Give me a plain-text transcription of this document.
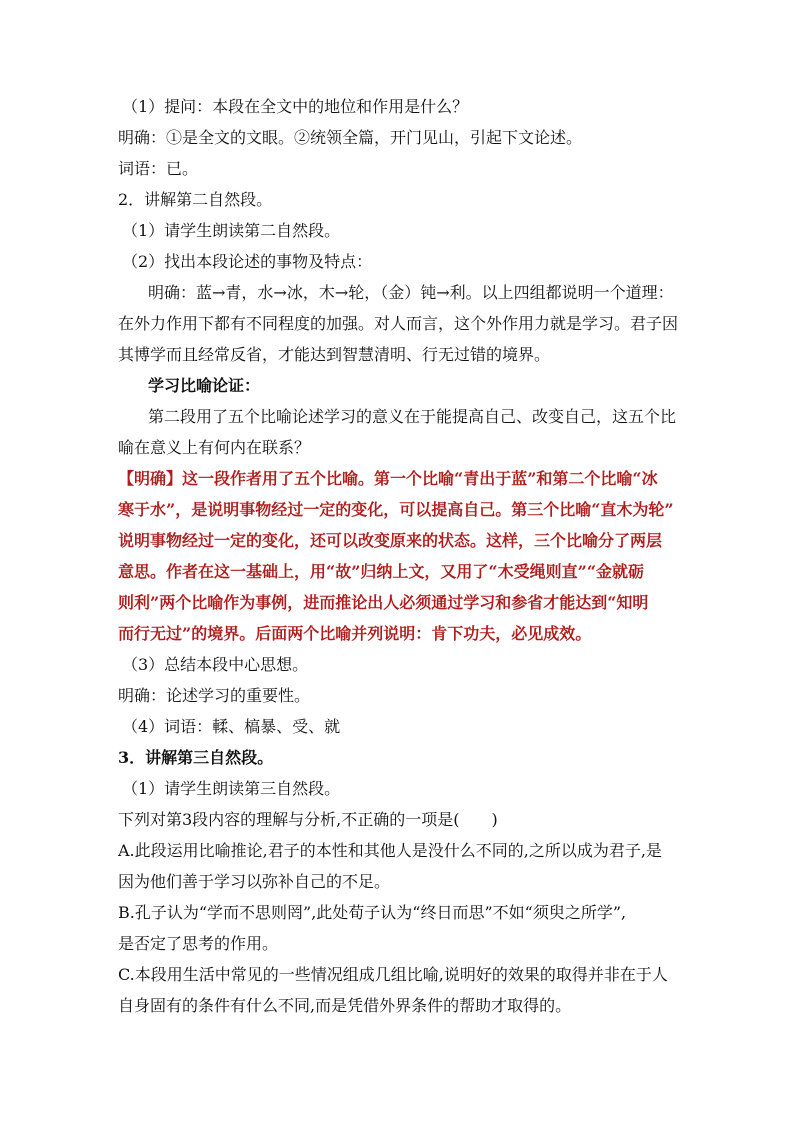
（1）提问：本段在全文中的地位和作用是什么？
明确：①是全文的文眼。②统领全篇，开门见山，引起下文论述。
词语：已。
2．讲解第二自然段。
（1）请学生朗读第二自然段。
（2）找出本段论述的事物及特点：
明确：蓝→青，水→冰，木→轮，（金）钝→利。以上四组都说明一个道理：
在外力作用下都有不同程度的加强。对人而言，这个外作用力就是学习。君子因
其博学而且经常反省，才能达到智慧清明、行无过错的境界。
学习比喻论证：
第二段用了五个比喻论述学习的意义在于能提高自己、改变自己，这五个比
喻在意义上有何内在联系？
【明确】这一段作者用了五个比喻。第一个比喻“青出于蓝”和第二个比喻“冰
寒于水”，是说明事物经过一定的变化，可以提高自己。第三个比喻“直木为轮”
说明事物经过一定的变化，还可以改变原来的状态。这样，三个比喻分了两层
意思。作者在这一基础上，用“故”归纳上文，又用了“木受绳则直”“金就砺
则利”两个比喻作为事例，进而推论出人必须通过学习和参省才能达到“知明
而行无过”的境界。后面两个比喻并列说明：肯下功夫，必见成效。
（3）总结本段中心思想。
明确：论述学习的重要性。
（4）词语：輮、槁暴、受、就
3．讲解第三自然段。
（1）请学生朗读第三自然段。
下列对第3段内容的理解与分析,不正确的一项是(　　)
A.此段运用比喻推论,君子的本性和其他人是没什么不同的,之所以成为君子,是
因为他们善于学习以弥补自己的不足。
B.孔子认为“学而不思则罔”,此处荀子认为“终日而思”不如“须臾之所学”,
是否定了思考的作用。
C.本段用生活中常见的一些情况组成几组比喻,说明好的效果的取得并非在于人
自身固有的条件有什么不同,而是凭借外界条件的帮助才取得的。
